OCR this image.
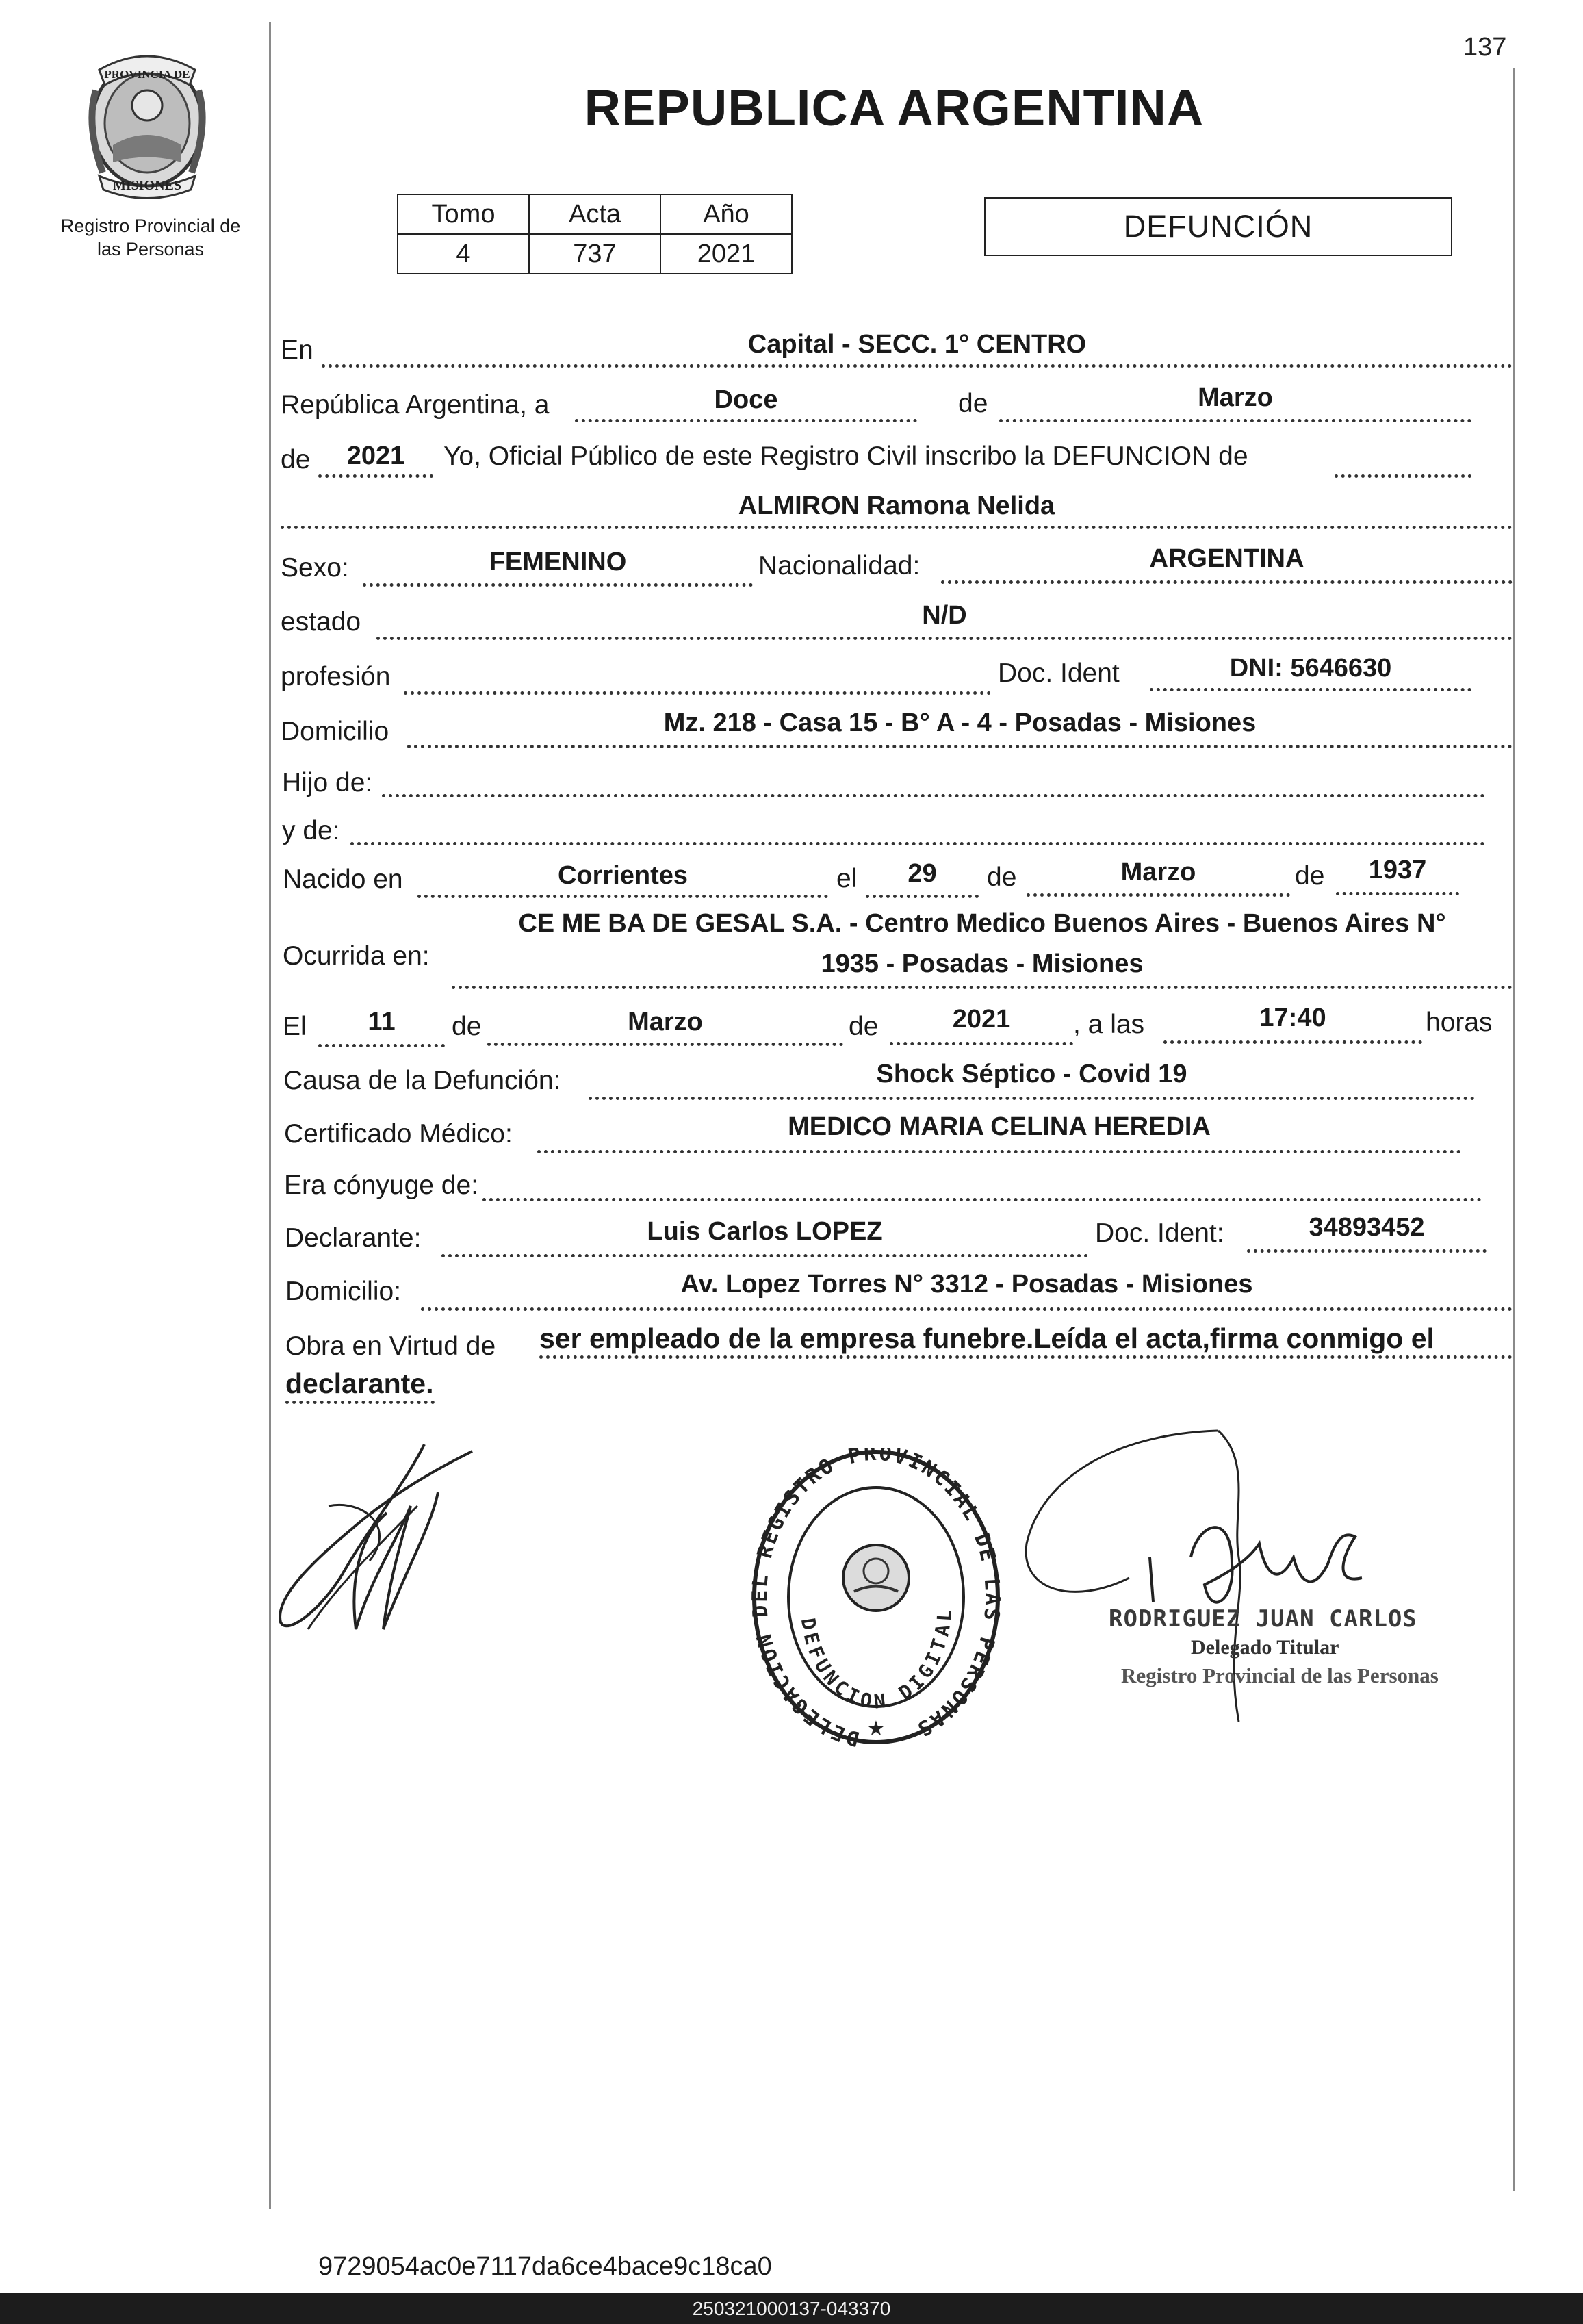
137
PROVINCIA DE
MISIONES
Registro Provincial de
las Personas
REPUBLICA ARGENTINA
Tomo	Acta	Año
4	737	2021
DEFUNCIÓN
En	Capital - SECC. 1° CENTRO
República Argentina, a	Doce	de	Marzo
de	2021	Yo, Oficial Público de este Registro Civil inscribo la DEFUNCION de
ALMIRON Ramona Nelida
Sexo:	FEMENINO	Nacionalidad:	ARGENTINA
estado	N/D
profesión	Doc. Ident	DNI: 5646630
Domicilio	Mz. 218 - Casa 15 - B° A - 4 - Posadas - Misiones
Hijo de:
y de:
Nacido en	Corrientes	el	29	de	Marzo	de	1937
Ocurrida en:
CE ME BA DE GESAL S.A. - Centro Medico Buenos Aires - Buenos Aires N°
1935 - Posadas - Misiones
El	11	de	Marzo	de	2021	, a las	17:40	horas
Causa de la Defunción:	Shock Séptico - Covid 19
Certificado Médico:	MEDICO MARIA CELINA HEREDIA
Era cónyuge de:
Declarante:	Luis Carlos LOPEZ	Doc. Ident:	34893452
Domicilio:	Av. Lopez Torres N° 3312 - Posadas - Misiones
Obra en Virtud de ser empleado de la empresa funebre.Leída el acta,firma conmigo el
declarante.
DELEGACION DEL REGISTRO PROVINCIAL DE LAS PERSONAS
DEFUNCION DIGITAL
★
RODRIGUEZ JUAN CARLOS
Delegado Titular
Registro Provincial de las Personas
9729054ac0e7117da6ce4bace9c18ca0
250321000137-043370
